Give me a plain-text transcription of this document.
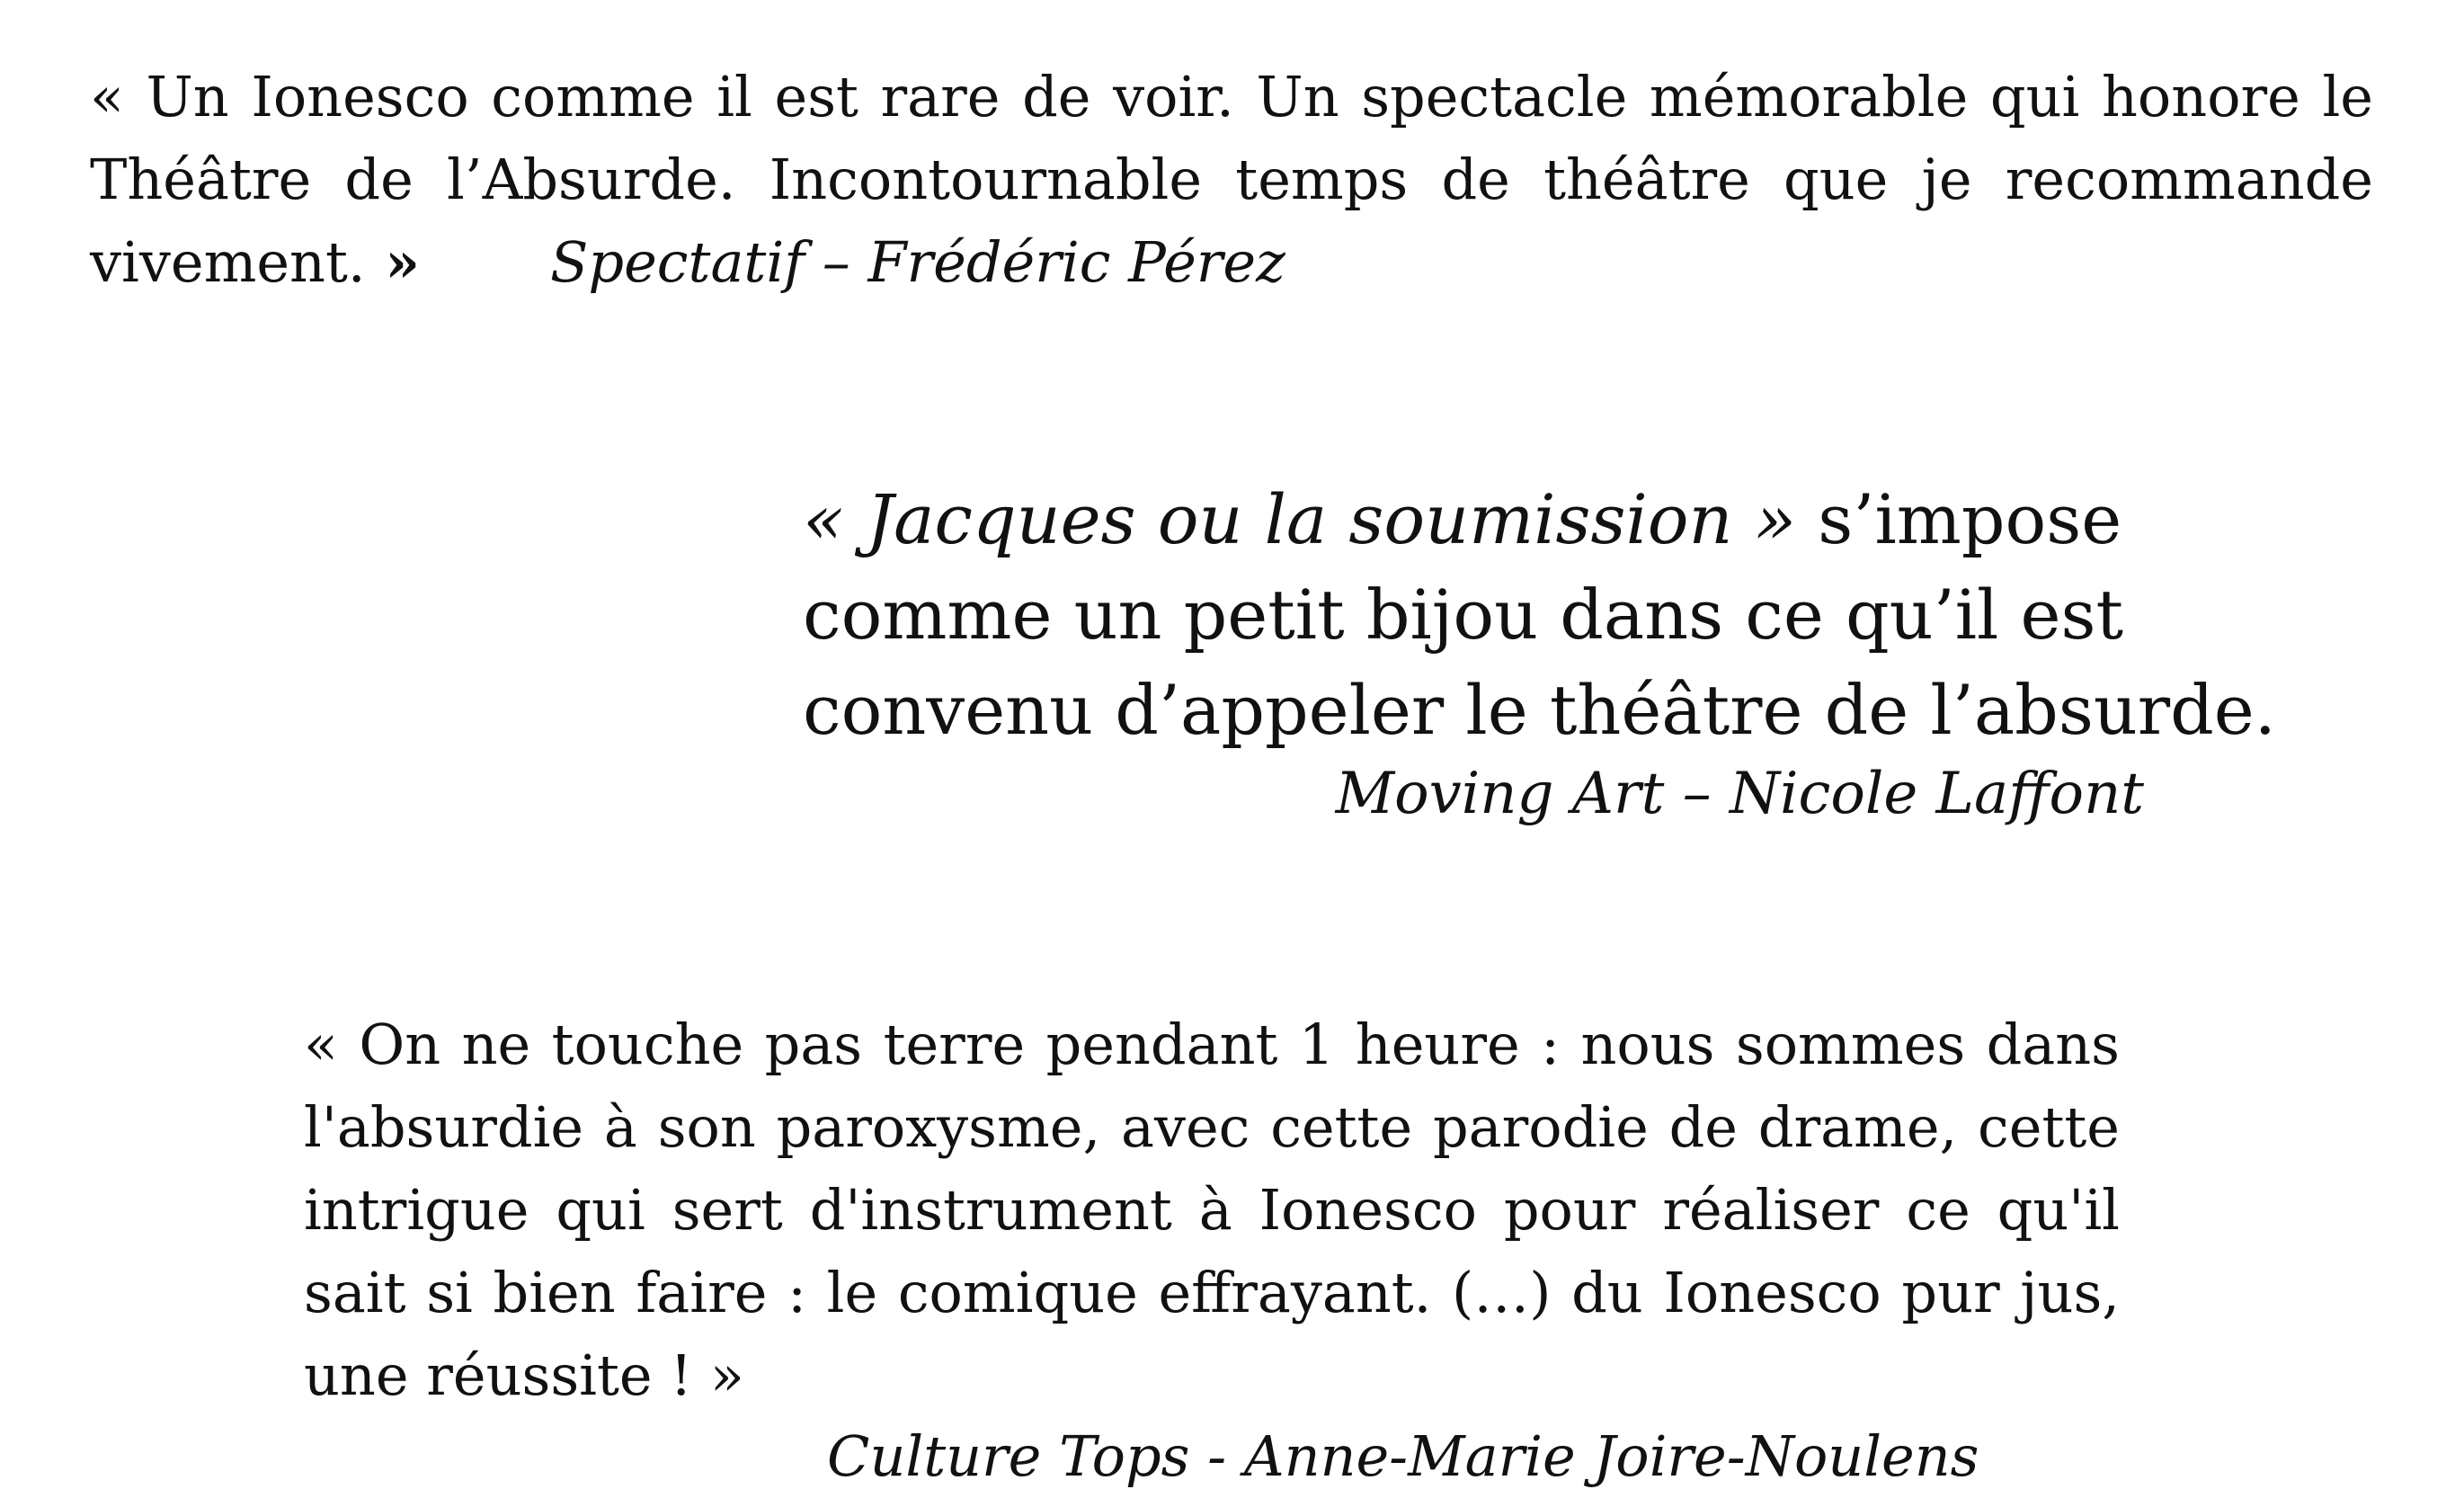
« Un Ionesco comme il est rare de voir. Un spectacle mémorable qui honore le Théâtre de l’Absurde. Incontournable temps de théâtre que je recommande vivement. » Spectatif – Frédéric Pérez

« Jacques ou la soumission » s’impose comme un petit bijou dans ce qu’il est convenu d’appeler le théâtre de l’absurde.

Moving Art – Nicole Laffont

« On ne touche pas terre pendant 1 heure : nous sommes dans l'absurdie à son paroxysme, avec cette parodie de drame, cette intrigue qui sert d'instrument à Ionesco pour réaliser ce qu'il sait si bien faire : le comique effrayant. (…) du Ionesco pur jus, une réussite ! »

Culture Tops - Anne-Marie Joire-Noulens
